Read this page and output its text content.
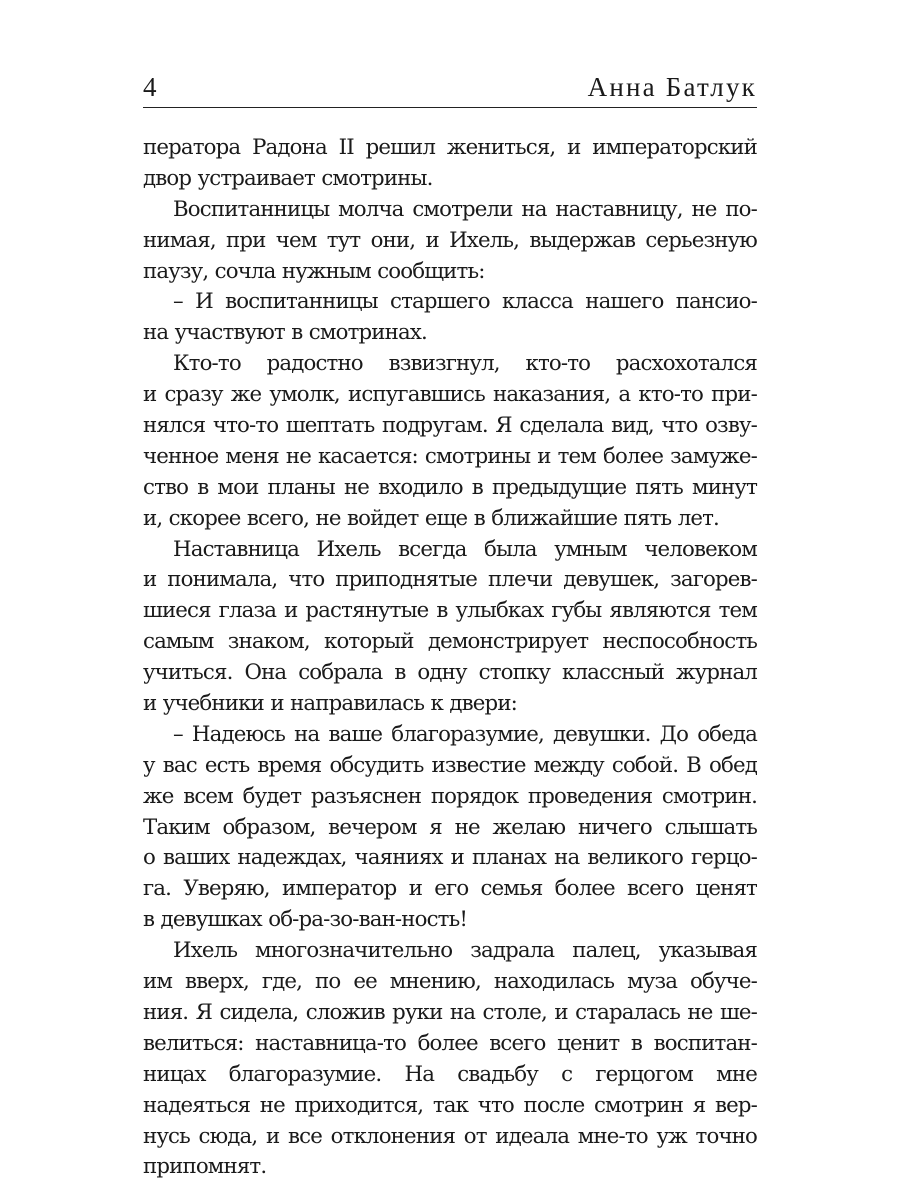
4	Анна Батлук
ператора Радона II решил жениться, и императорский
двор устраивает смотрины.
Воспитанницы молча смотрели на наставницу, не по-
нимая, при чем тут они, и Ихель, выдержав серьезную
паузу, сочла нужным сообщить:
– И воспитанницы старшего класса нашего пансио-
на участвуют в смотринах.
Кто-то радостно взвизгнул, кто-то расхохотался
и сразу же умолк, испугавшись наказания, а кто-то при-
нялся что-то шептать подругам. Я сделала вид, что озву-
ченное меня не касается: смотрины и тем более замуже-
ство в мои планы не входило в предыдущие пять минут
и, скорее всего, не войдет еще в ближайшие пять лет.
Наставница Ихель всегда была умным человеком
и понимала, что приподнятые плечи девушек, загорев-
шиеся глаза и растянутые в улыбках губы являются тем
самым знаком, который демонстрирует неспособность
учиться. Она собрала в одну стопку классный журнал
и учебники и направилась к двери:
– Надеюсь на ваше благоразумие, девушки. До обеда
у вас есть время обсудить известие между собой. В обед
же всем будет разъяснен порядок проведения смотрин.
Таким образом, вечером я не желаю ничего слышать
о ваших надеждах, чаяниях и планах на великого герцо-
га. Уверяю, император и его семья более всего ценят
в девушках об-ра-зо-ван-ность!
Ихель многозначительно задрала палец, указывая
им вверх, где, по ее мнению, находилась муза обуче-
ния. Я сидела, сложив руки на столе, и старалась не ше-
велиться: наставница-то более всего ценит в воспитан-
ницах благоразумие. На свадьбу с герцогом мне
надеяться не приходится, так что после смотрин я вер-
нусь сюда, и все отклонения от идеала мне-то уж точно
припомнят.
